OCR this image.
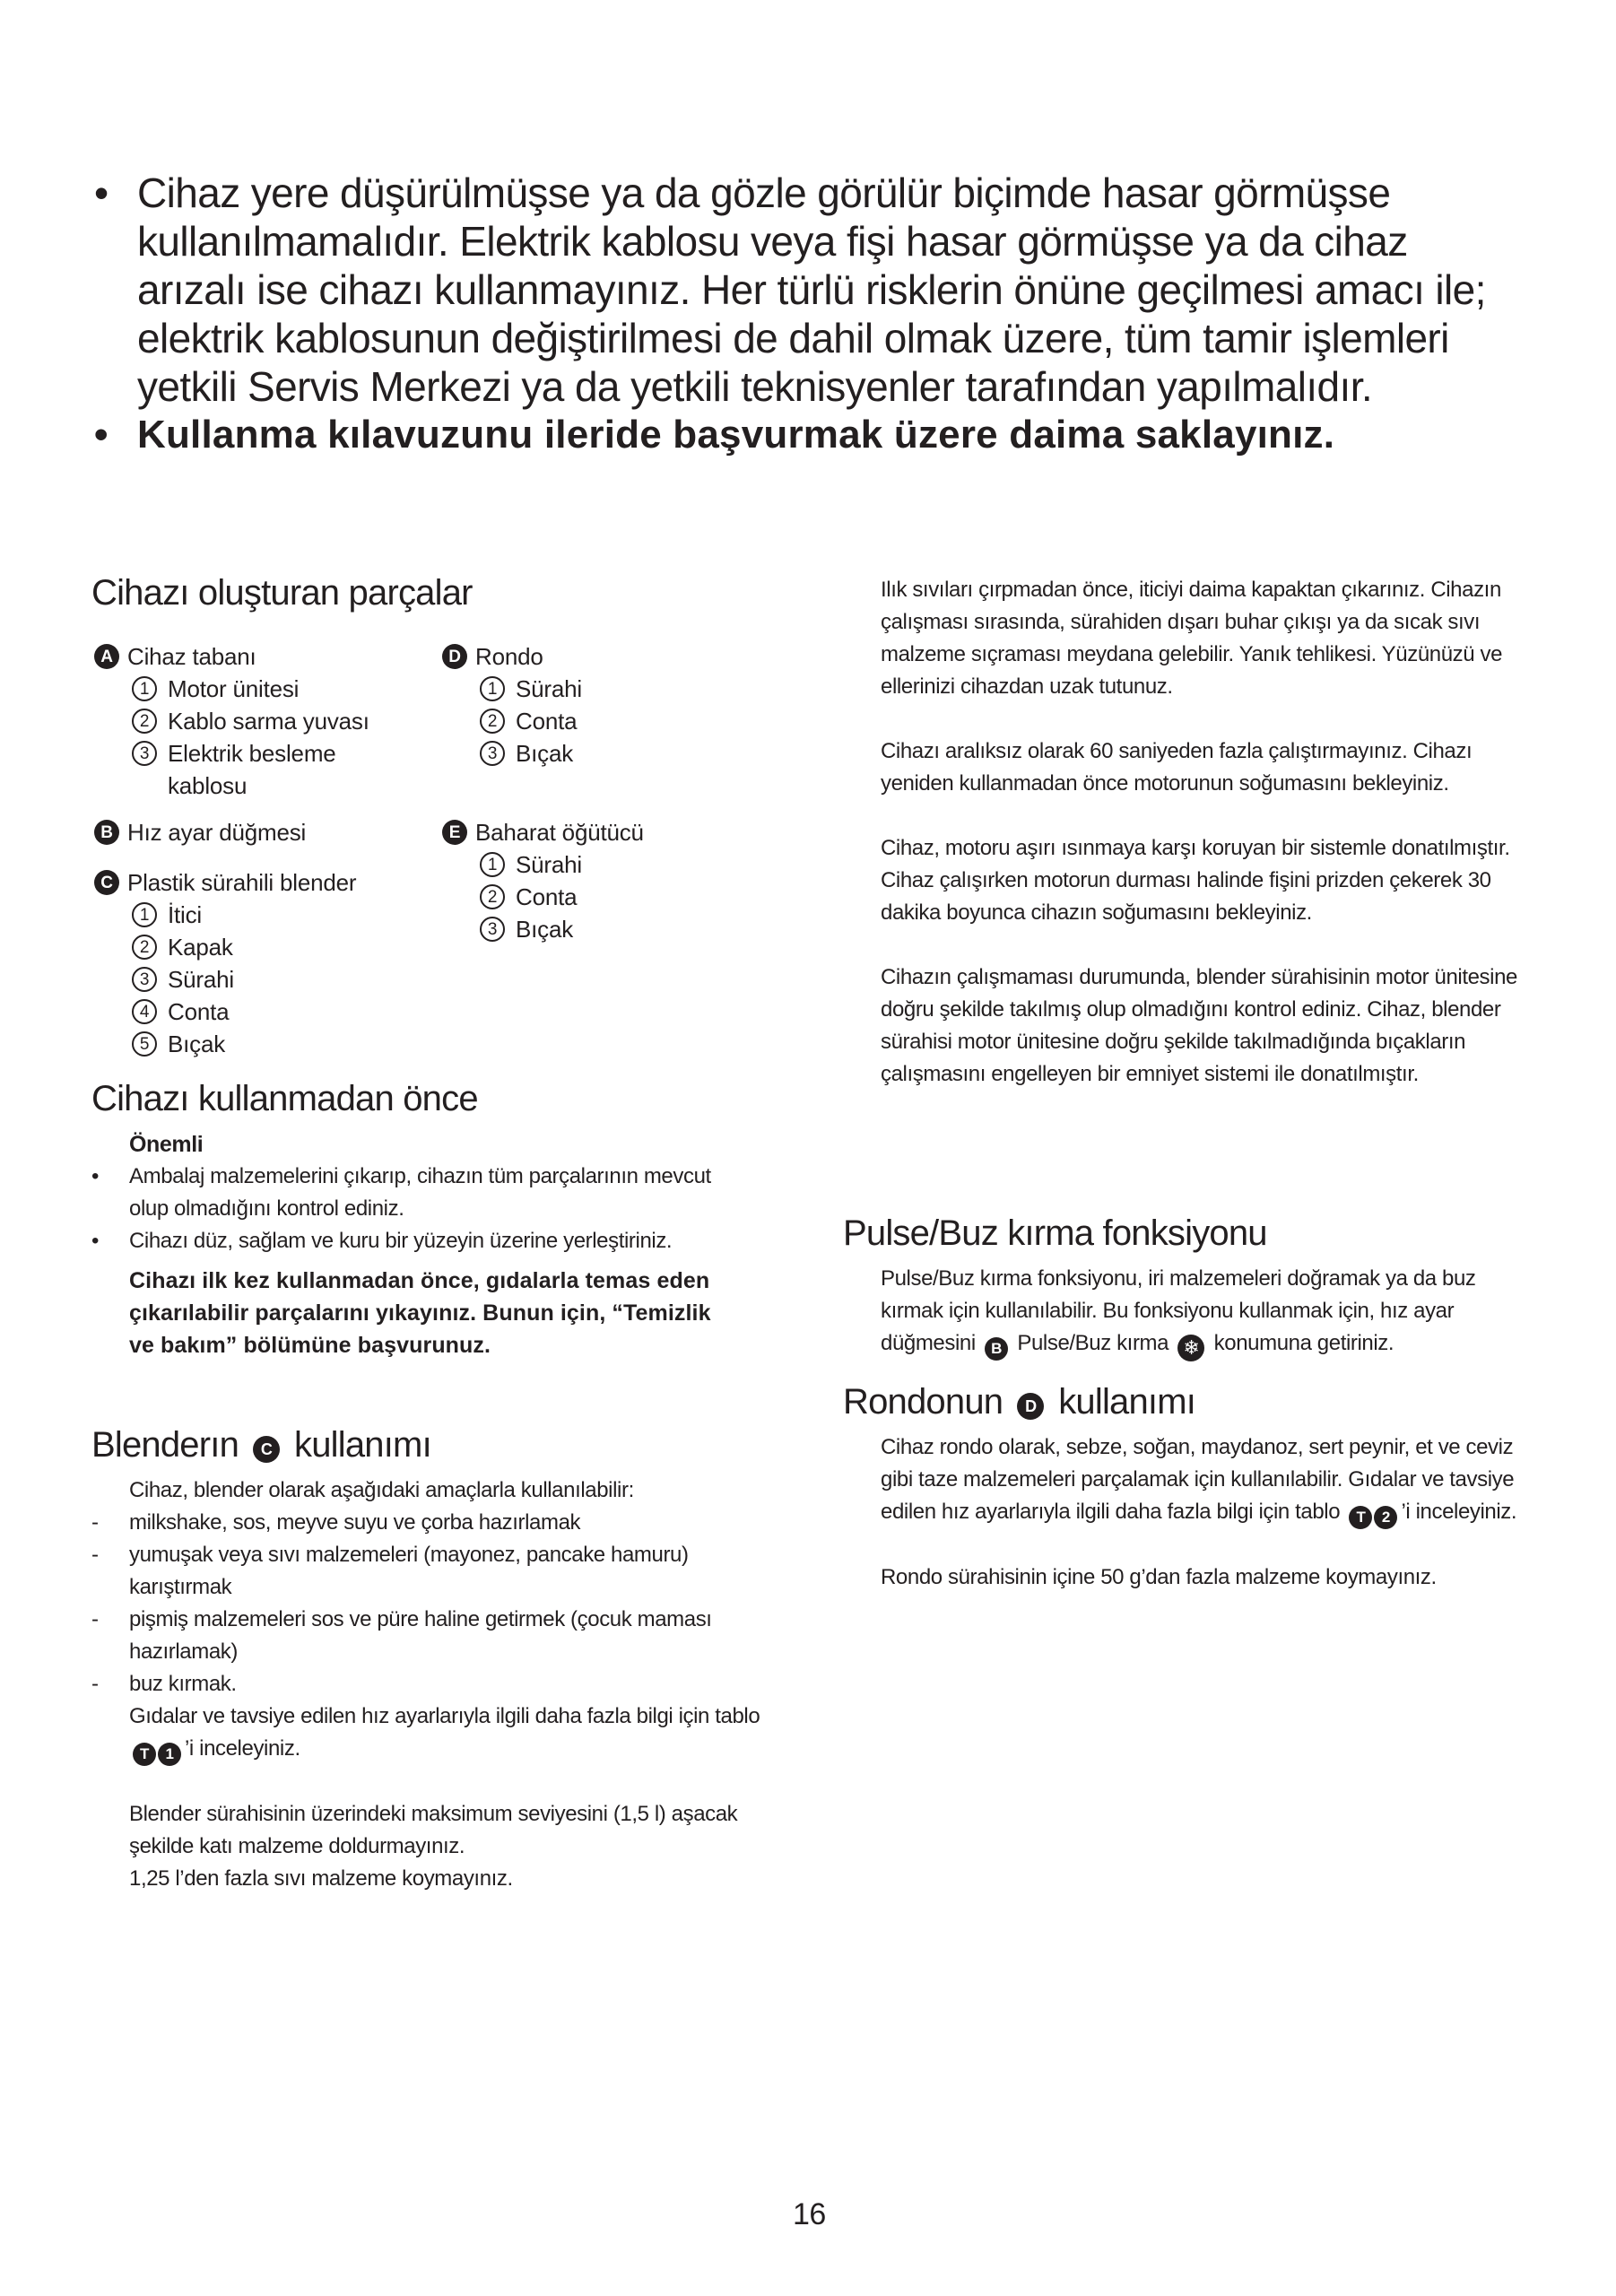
• Cihaz yere düşürülmüşse ya da gözle görülür biçimde hasar görmüşse kullanılmamalıdır. Elektrik kablosu veya fişi hasar görmüşse ya da cihaz arızalı ise cihazı kullanmayınız. Her türlü risklerin önüne geçilmesi amacı ile; elektrik kablosunun değiştirilmesi de dahil olmak üzere, tüm tamir işlemleri yetkili Servis Merkezi ya da yetkili teknisyenler tarafından yapılmalıdır.
• Kullanma kılavuzunu ileride başvurmak üzere daima saklayınız.
Cihazı oluşturan parçalar
A Cihaz tabanı
1 Motor ünitesi
2 Kablo sarma yuvası
3 Elektrik besleme
kablosu
B Hız ayar düğmesi
C Plastik sürahili blender
1 İtici
2 Kapak
3 Sürahi
4 Conta
5 Bıçak
D Rondo
1 Sürahi
2 Conta
3 Bıçak
E Baharat öğütücü
1 Sürahi
2 Conta
3 Bıçak
Cihazı kullanmadan önce
Önemli
• Ambalaj malzemelerini çıkarıp, cihazın tüm parçalarının mevcut olup olmadığını kontrol ediniz.
• Cihazı düz, sağlam ve kuru bir yüzeyin üzerine yerleştiriniz.
Cihazı ilk kez kullanmadan önce, gıdalarla temas eden çıkarılabilir parçalarını yıkayınız. Bunun için, “Temizlik ve bakım” bölümüne başvurunuz.
Blenderın C kullanımı

Cihaz, blender olarak aşağıdaki amaçlarla kullanılabilir:

- milkshake, sos, meyve suyu ve çorba hazırlamak
- yumuşak veya sıvı malzemeleri (mayonez, pancake hamuru) karıştırmak
- pişmiş malzemeleri sos ve püre haline getirmek (çocuk maması hazırlamak)
- buz kırmak.

Gıdalar ve tavsiye edilen hız ayarlarıyla ilgili daha fazla bilgi için tablo T 1 ’i inceleyiniz.

Blender sürahisinin üzerindeki maksimum seviyesini (1,5 l) aşacak şekilde katı malzeme doldurmayınız.

1,25 l’den fazla sıvı malzeme koymayınız.

Ilık sıvıları çırpmadan önce, iticiyi daima kapaktan çıkarınız. Cihazın çalışması sırasında, sürahiden dışarı buhar çıkışı ya da sıcak sıvı malzeme sıçraması meydana gelebilir. Yanık tehlikesi. Yüzünüzü ve ellerinizi cihazdan uzak tutunuz.

Cihazı aralıksız olarak 60 saniyeden fazla çalıştırmayınız. Cihazı yeniden kullanmadan önce motorunun soğumasını bekleyiniz.

Cihaz, motoru aşırı ısınmaya karşı koruyan bir sistemle donatılmıştır. Cihaz çalışırken motorun durması halinde fişini prizden çekerek 30 dakika boyunca cihazın soğumasını bekleyiniz.

Cihazın çalışmaması durumunda, blender sürahisinin motor ünitesine doğru şekilde takılmış olup olmadığını kontrol ediniz. Cihaz, blender sürahisi motor ünitesine doğru şekilde takılmadığında bıçakların çalışmasını engelleyen bir emniyet sistemi ile donatılmıştır.

Pulse/Buz kırma fonksiyonu

Pulse/Buz kırma fonksiyonu, iri malzemeleri doğramak ya da buz kırmak için kullanılabilir. Bu fonksiyonu kullanmak için, hız ayar düğmesini B Pulse/Buz kırma ❄ konumuna getiriniz.

Rondonun D kullanımı

Cihaz rondo olarak, sebze, soğan, maydanoz, sert peynir, et ve ceviz gibi taze malzemeleri parçalamak için kullanılabilir. Gıdalar ve tavsiye edilen hız ayarlarıyla ilgili daha fazla bilgi için tablo T 2 ’i inceleyiniz.

Rondo sürahisinin içine 50 g’dan fazla malzeme koymayınız.

16
